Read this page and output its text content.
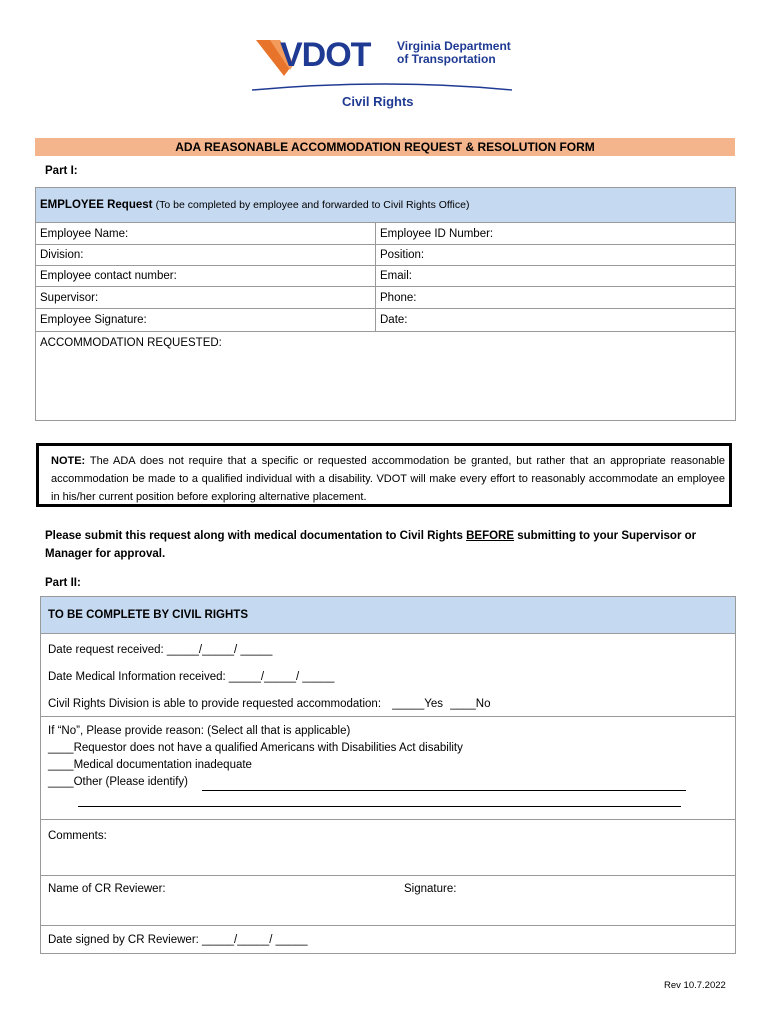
VDOT Virginia Department
of Transportation
Civil Rights
ADA REASONABLE ACCOMMODATION REQUEST & RESOLUTION FORM
Part I:
EMPLOYEE Request (To be completed by employee and forwarded to Civil Rights Office)	
Employee Name:	Employee ID Number:
Division:	Position:
Employee contact number:	Email:
Supervisor:	Phone:
Employee Signature:	Date:
ACCOMMODATION REQUESTED:	
NOTE: The ADA does not require that a specific or requested accommodation be granted, but rather that an appropriate reasonable accommodation be made to a qualified individual with a disability. VDOT will make every effort to reasonably accommodate an employee in his/her current position before exploring alternative placement.
Please submit this request along with medical documentation to Civil Rights BEFORE submitting to your Supervisor or Manager for approval.
Part II:
TO BE COMPLETE BY CIVIL RIGHTS
Date request received: _____/_____/ _____
Date Medical Information received: _____/_____/ _____
Civil Rights Division is able to provide requested accommodation: _____Yes ____No
If “No”, Please provide reason: (Select all that is applicable)
____Requestor does not have a qualified Americans with Disabilities Act disability
____Medical documentation inadequate
____Other (Please identify)
Comments:
Name of CR Reviewer:	Signature:
Date signed by CR Reviewer: _____/_____/ _____
Rev 10.7.2022
